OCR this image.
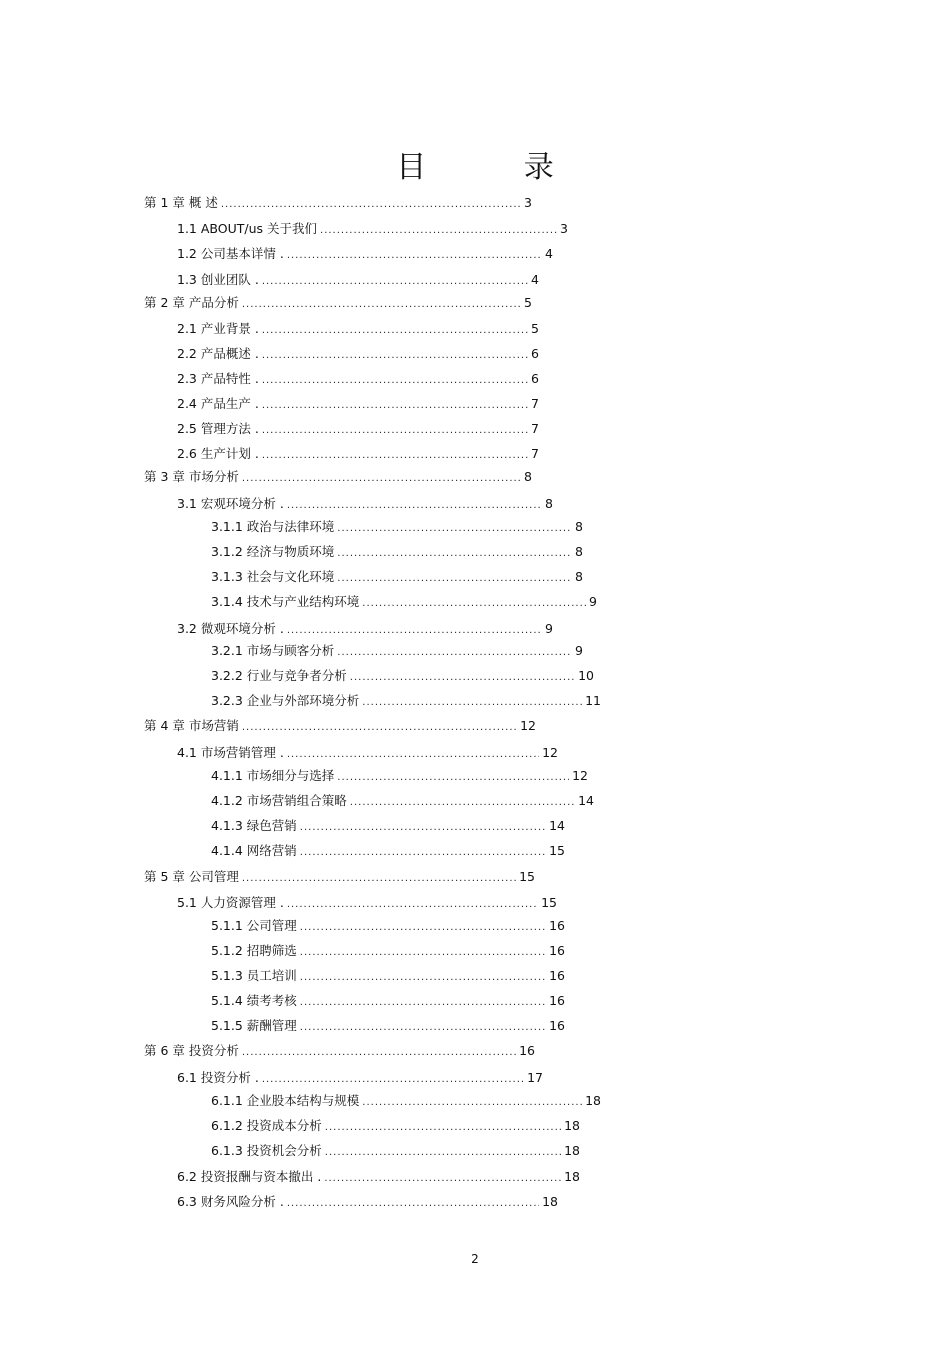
目 录
第 1 章 概 述 .....	3
1.1 ABOUT/us 关于我们 .....	3
1.2 公司基本详情 . .....	4
1.3 创业团队 . .....	4
第 2 章 产品分析 .....	5
2.1 产业背景 . .....	5
2.2 产品概述 . .....	6
2.3 产品特性 . .....	6
2.4 产品生产 . .....	7
2.5 管理方法 . .....	7
2.6 生产计划 . .....	7
第 3 章 市场分析 .....	8
3.1 宏观环境分析 . .....	8
3.1.1 政治与法律环境 .....	8
3.1.2 经济与物质环境 .....	8
3.1.3 社会与文化环境 .....	8
3.1.4 技术与产业结构环境 .....	9
3.2 微观环境分析 . .....	9
3.2.1 市场与顾客分析 .....	9
3.2.2 行业与竞争者分析 .....	10
3.2.3 企业与外部环境分析 .....	11
第 4 章 市场营销 .....	12
4.1 市场营销管理 . .....	12
4.1.1 市场细分与选择 .....	12
4.1.2 市场营销组合策略 .....	14
4.1.3 绿色营销 .....	14
4.1.4 网络营销 .....	15
第 5 章 公司管理 .....	15
5.1 人力资源管理 . .....	15
5.1.1 公司管理 .....	16
5.1.2 招聘筛选 .....	16
5.1.3 员工培训 .....	16
5.1.4 绩考考核 .....	16
5.1.5 薪酬管理 .....	16
第 6 章 投资分析 .....	16
6.1 投资分析 . .....	17
6.1.1 企业股本结构与规模 .....	18
6.1.2 投资成本分析 .....	18
6.1.3 投资机会分析 .....	18
6.2 投资报酬与资本撤出 . .....	18
6.3 财务风险分析 . .....	18
2
